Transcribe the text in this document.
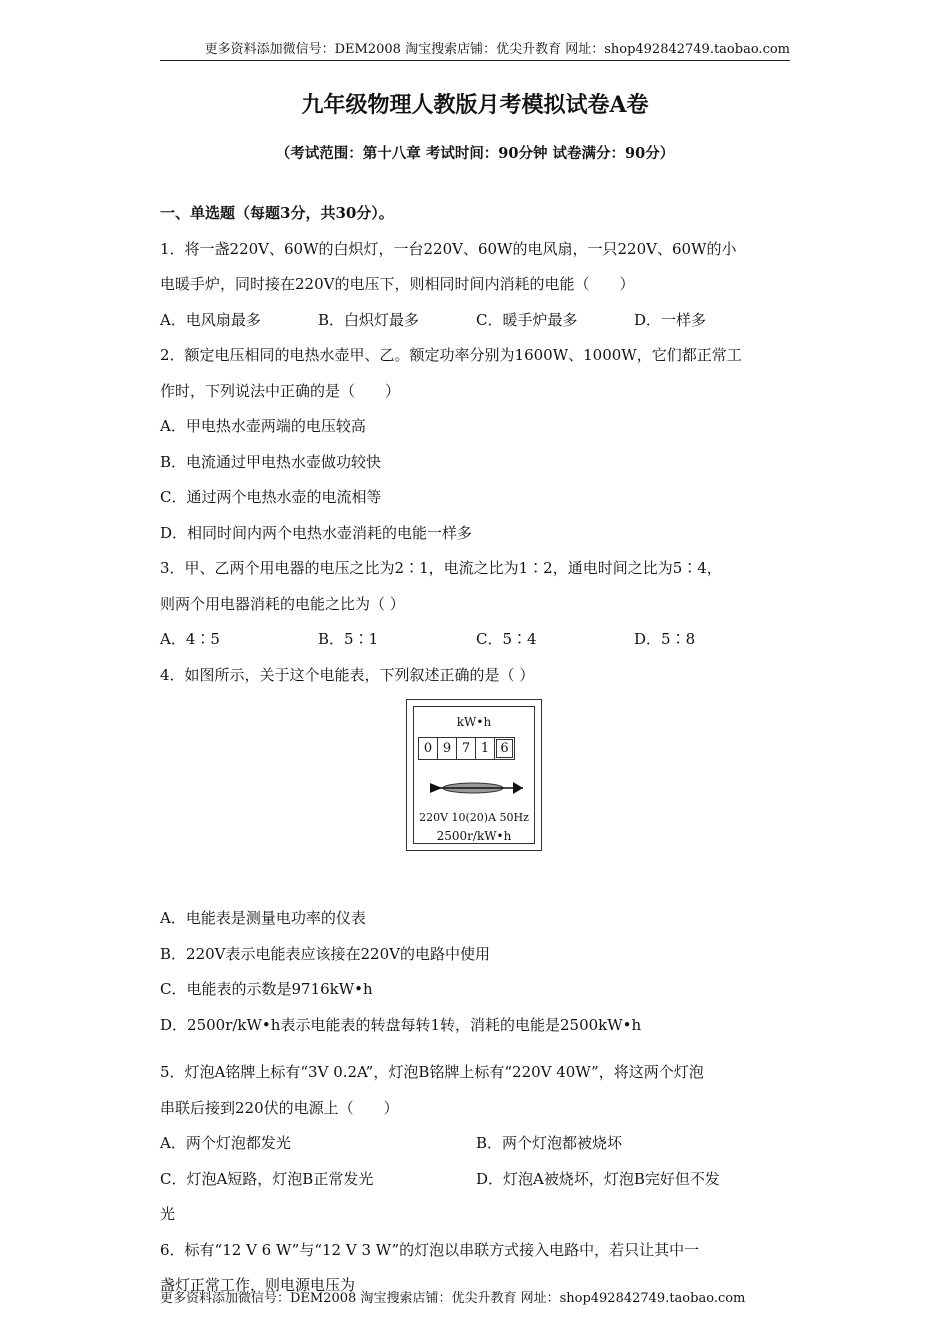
更多资料添加微信号：DEM2008 淘宝搜索店铺：优尖升教育 网址：shop492842749.taobao.com
九年级物理人教版月考模拟试卷A卷
（考试范围：第十八章 考试时间：90分钟 试卷满分：90分）
一、单选题（每题3分，共30分）。
1．将一盏220V、60W的白炽灯，一台220V、60W的电风扇，一只220V、60W的小
电暖手炉，同时接在220V的电压下，则相同时间内消耗的电能（　　）
A．电风扇最多	B．白炽灯最多	C．暖手炉最多	D．一样多
2．额定电压相同的电热水壶甲、乙。额定功率分别为1600W、1000W，它们都正常工
作时，下列说法中正确的是（　　）
A．甲电热水壶两端的电压较高
B．电流通过甲电热水壶做功较快
C．通过两个电热水壶的电流相等
D．相同时间内两个电热水壶消耗的电能一样多
3．甲、乙两个用电器的电压之比为2∶1，电流之比为1∶2，通电时间之比为5∶4，
则两个用电器消耗的电能之比为（ ）
A．4∶5	B．5∶1	C．5∶4	D．5∶8
4．如图所示，关于这个电能表，下列叙述正确的是（ ）
kW•h
0 9 7 1 6
220V 10(20)A 50Hz
2500r/kW•h
A．电能表是测量电功率的仪表
B．220V表示电能表应该接在220V的电路中使用
C．电能表的示数是9716kW•h
D．2500r/kW•h表示电能表的转盘每转1转，消耗的电能是2500kW•h
5．灯泡A铭牌上标有“3V 0.2A”，灯泡B铭牌上标有“220V 40W”，将这两个灯泡
串联后接到220伏的电源上（　　）
A．两个灯泡都发光	B．两个灯泡都被烧坏
C．灯泡A短路，灯泡B正常发光	D．灯泡A被烧坏，灯泡B完好但不发
光
6．标有“12 V 6 W”与“12 V 3 W”的灯泡以串联方式接入电路中，若只让其中一
盏灯正常工作，则电源电压为
更多资料添加微信号：DEM2008 淘宝搜索店铺：优尖升教育 网址：shop492842749.taobao.com
